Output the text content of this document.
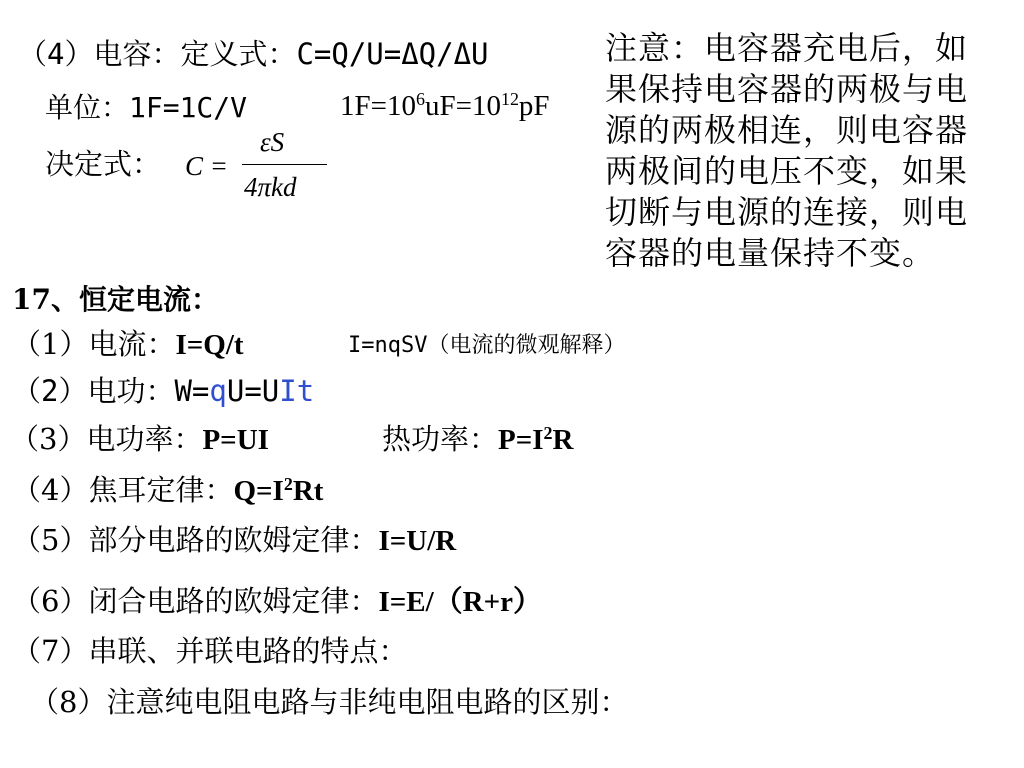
（4）电容：定义式：C=Q/U=ΔQ/ΔU
单位：1F=1C/V	$1F=10^6uF=10^{12}pF$
决定式： C =
εS
4πkd
注意：电容器充电后，如
果保持电容器的两极与电
源的两极相连，则电容器
两极间的电压不变，如果
切断与电源的连接，则电
容器的电量保持不变。
17、恒定电流：
（1）电流：I=Q/t	I=nqSV（电流的微观解释）
（2）电功：W=qU=UIt
（3）电功率：P=UI	热功率：$P=I^2R$
（4）焦耳定律：$Q=I^2Rt$
（5）部分电路的欧姆定律：I=U/R
（6）闭合电路的欧姆定律：I=E/（R+r）
（7）串联、并联电路的特点：
（8）注意纯电阻电路与非纯电阻电路的区别：
